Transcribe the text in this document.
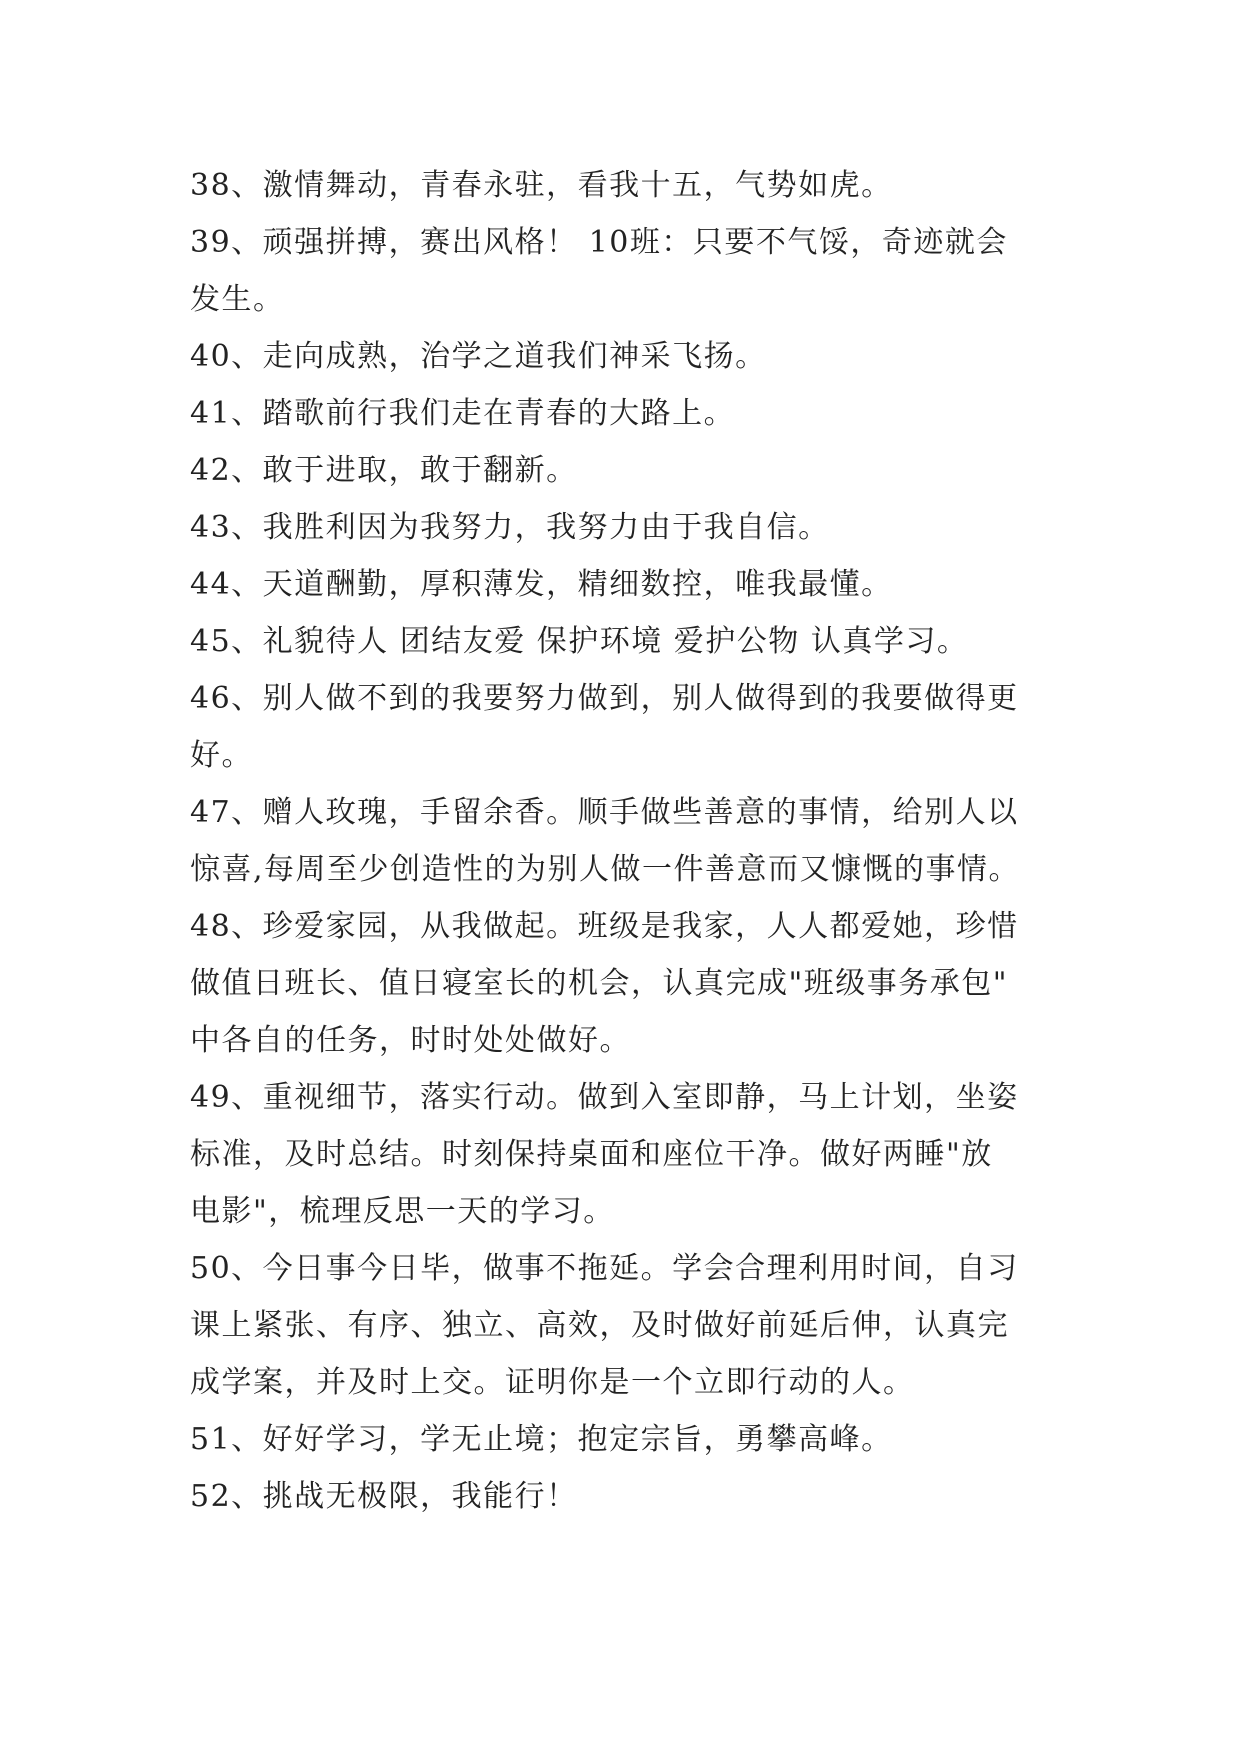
38、激情舞动，青春永驻，看我十五，气势如虎。
39、顽强拼搏，赛出风格！ 10班：只要不气馁，奇迹就会
发生。
40、走向成熟，治学之道我们神采飞扬。
41、踏歌前行我们走在青春的大路上。
42、敢于进取，敢于翻新。
43、我胜利因为我努力，我努力由于我自信。
44、天道酬勤，厚积薄发，精细数控，唯我最懂。
45、礼貌待人 团结友爱 保护环境 爱护公物 认真学习。
46、别人做不到的我要努力做到，别人做得到的我要做得更
好。
47、赠人玫瑰，手留余香。顺手做些善意的事情，给别人以
惊喜,每周至少创造性的为别人做一件善意而又慷慨的事情。
48、珍爱家园，从我做起。班级是我家，人人都爱她，珍惜
做值日班长、值日寝室长的机会，认真完成"班级事务承包"
中各自的任务，时时处处做好。
49、重视细节，落实行动。做到入室即静，马上计划，坐姿
标准，及时总结。时刻保持桌面和座位干净。做好两睡"放
电影"，梳理反思一天的学习。
50、今日事今日毕，做事不拖延。学会合理利用时间，自习
课上紧张、有序、独立、高效，及时做好前延后伸，认真完
成学案，并及时上交。证明你是一个立即行动的人。
51、好好学习，学无止境；抱定宗旨，勇攀高峰。
52、挑战无极限，我能行！
